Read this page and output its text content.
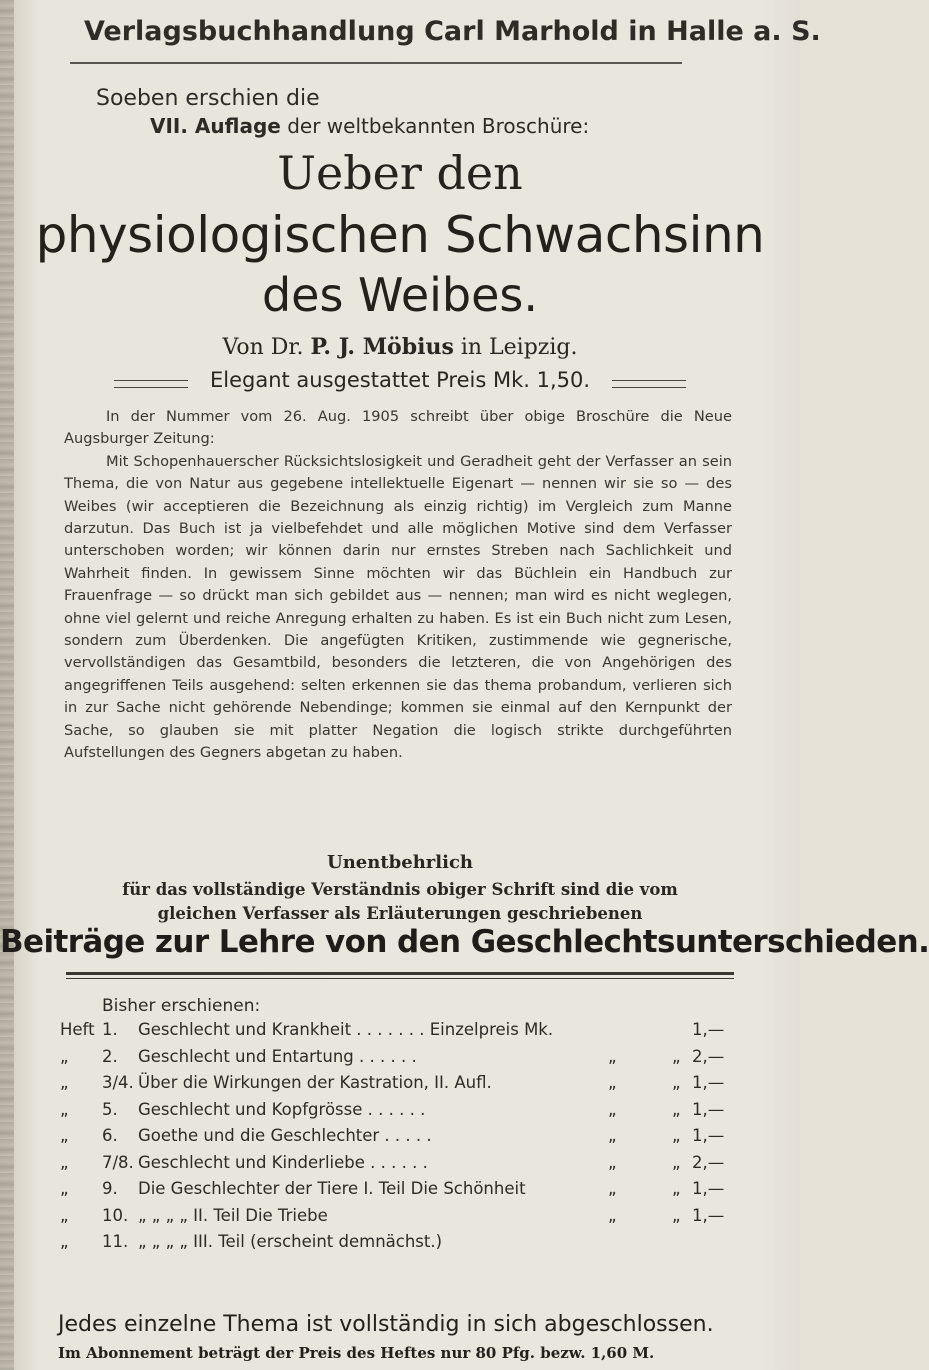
Verlagsbuchhandlung Carl Marhold in Halle a. S.
Soeben erschien die
VII. Auflage der weltbekannten Broschüre:
Ueber den
physiologischen Schwachsinn
des Weibes.
Von Dr. P. J. Möbius in Leipzig.
Elegant ausgestattet Preis Mk. 1,50.

In der Nummer vom 26. Aug. 1905 schreibt über obige Broschüre die Neue Augsburger Zeitung:

Mit Schopenhauerscher Rücksichtslosigkeit und Geradheit geht der Verfasser an sein Thema, die von Natur aus gegebene intellektuelle Eigenart — nennen wir sie so — des Weibes (wir acceptieren die Bezeichnung als einzig richtig) im Vergleich zum Manne darzutun. Das Buch ist ja vielbefehdet und alle möglichen Motive sind dem Verfasser unterschoben worden; wir können darin nur ernstes Streben nach Sachlichkeit und Wahrheit finden. In gewissem Sinne möchten wir das Büchlein ein Handbuch zur Frauenfrage — so drückt man sich gebildet aus — nennen; man wird es nicht weglegen, ohne viel gelernt und reiche Anregung erhalten zu haben. Es ist ein Buch nicht zum Lesen, sondern zum Überdenken. Die angefügten Kritiken, zustimmende wie gegnerische, vervollständigen das Gesamtbild, besonders die letzteren, die von Angehörigen des angegriffenen Teils ausgehend: selten erkennen sie das thema probandum, verlieren sich in zur Sache nicht gehörende Nebendinge; kommen sie einmal auf den Kernpunkt der Sache, so glauben sie mit platter Negation die logisch strikte durchgeführten Aufstellungen des Gegners abgetan zu haben.

Unentbehrlich
für das vollständige Verständnis obiger Schrift sind die vom
gleichen Verfasser als Erläuterungen geschriebenen
Beiträge zur Lehre von den Geschlechtsunterschieden.
Bisher erschienen:
Heft 1. Geschlecht und Krankheit . . . . . . . Einzelpreis Mk.	1,—
„ 2. Geschlecht und Entartung . . . . . .	„	„ 2,—
„ 3/4. Über die Wirkungen der Kastration, II. Aufl.	„	„ 1,—
„ 5. Geschlecht und Kopfgrösse . . . . . .	„	„ 1,—
„ 6. Goethe und die Geschlechter . . . . .	„	„ 1,—
„ 7/8. Geschlecht und Kinderliebe . . . . . .	„	„ 2,—
„ 9. Die Geschlechter der Tiere I. Teil Die Schönheit	„	„ 1,—
„ 10. „ „ „ „ II. Teil Die Triebe	„	„ 1,—
„ 11. „ „ „ „ III. Teil (erscheint demnächst.)
Jedes einzelne Thema ist vollständig in sich abgeschlossen.
Im Abonnement beträgt der Preis des Heftes nur 80 Pfg. bezw. 1,60 M.
